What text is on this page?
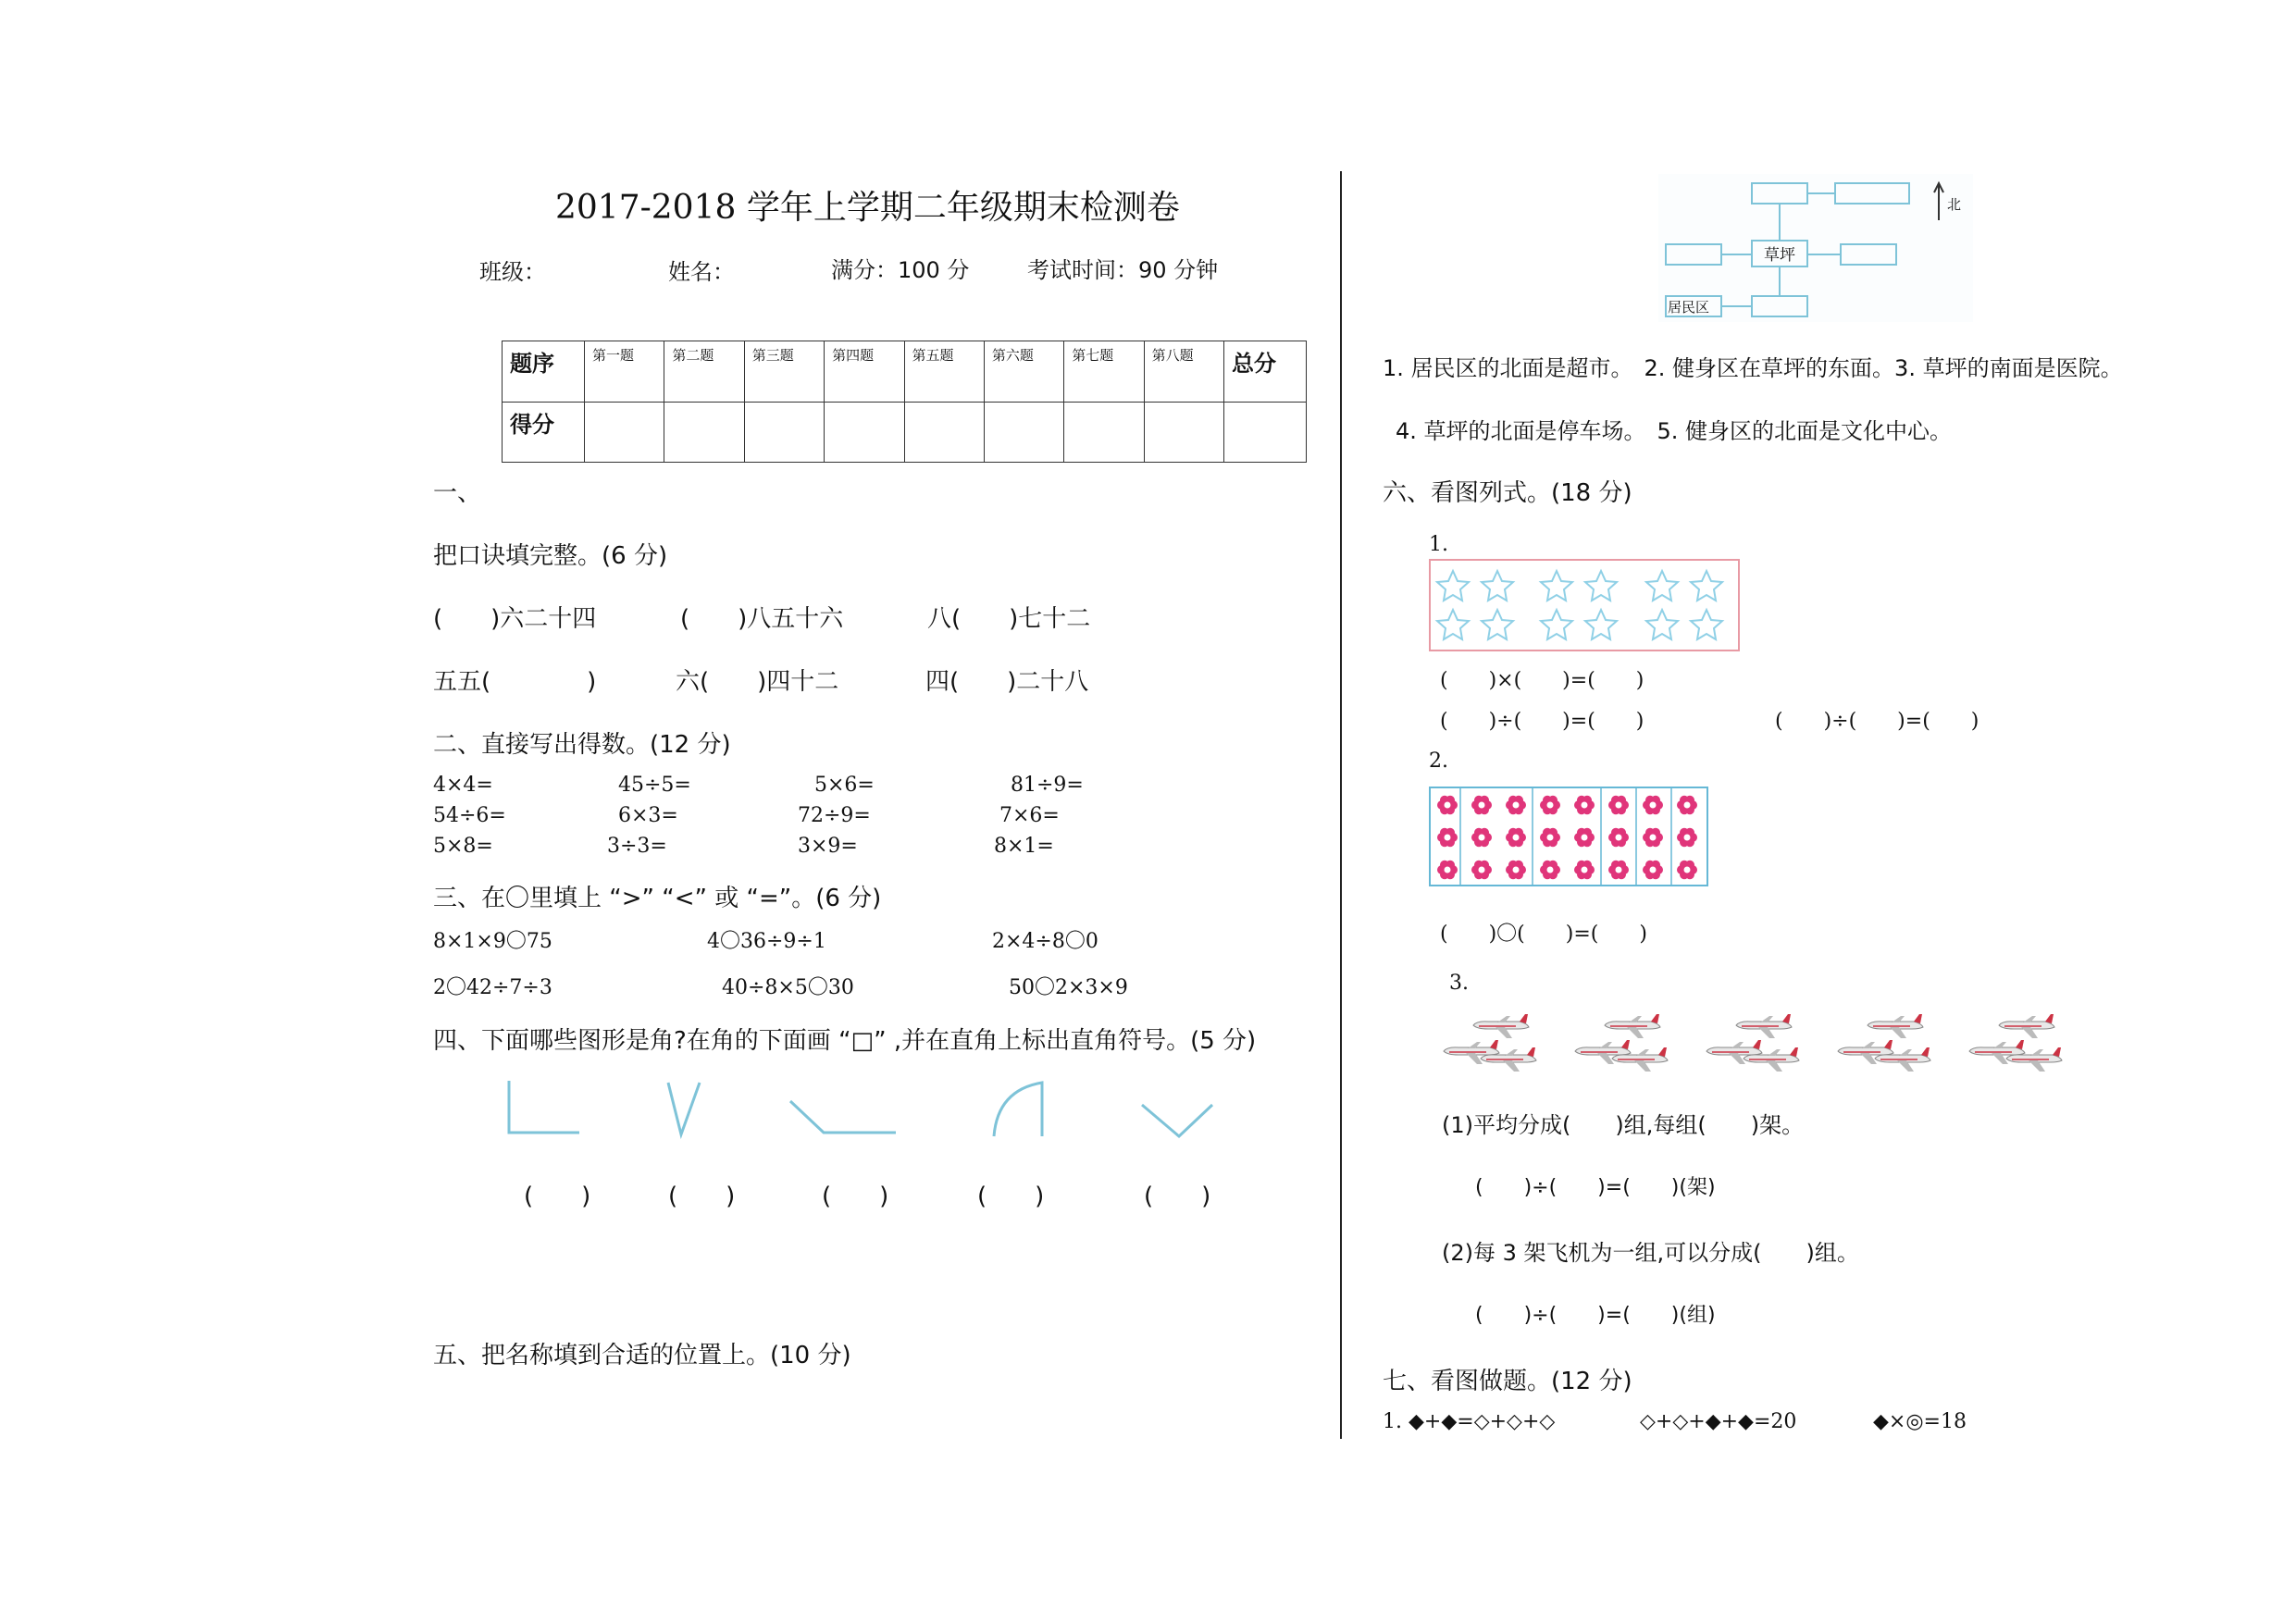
2017-2018 学年上学期二年级期末检测卷
班级：	姓名：	满分：100 分	考试时间：90 分钟
题序	第一题	第二题	第三题	第四题	第五题	第六题	第七题	第八题	总分
得分									
一、
把口诀填完整。(6 分)
(　　)六二十四	(　　)八五十六	八(　　)七十二
五五(　　　　)	六(　　)四十二	四(　　)二十八
二、直接写出得数。(12 分)
4×4=	45÷5=	5×6=	81÷9=
54÷6=	6×3=	72÷9=	7×6=
5×8=	3÷3=	3×9=	8×1=
三、在〇里填上 “>” “<” 或 “=”。(6 分)
8×1×9〇75	4〇36÷9÷1	2×4÷8〇0
2〇42÷7÷3	40÷8×5〇30	50〇2×3×9
四、下面哪些图形是角?在角的下面画 “□” ,并在直角上标出直角符号。(5 分)
(　　)	(　　)	(　　)	(　　)	(　　)
五、把名称填到合适的位置上。(10 分)
草坪
居民区
北
1. 居民区的北面是超市。　2. 健身区在草坪的东面。3. 草坪的南面是医院。
4. 草坪的北面是停车场。　5. 健身区的北面是文化中心。
六、看图列式。(18 分)
1.
(　　)×(　　)=(　　)
(　　)÷(　　)=(　　)	(　　)÷(　　)=(　　)
2.
(　　)〇(　　)=(　　)
3.
(1)平均分成(　　)组,每组(　　)架。
(　　)÷(　　)=(　　)(架)
(2)每 3 架飞机为一组,可以分成(　　)组。
(　　)÷(　　)=(　　)(组)
七、看图做题。(12 分)
1. ◆+◆=◇+◇+◇	◇+◇+◆+◆=20	◆×◎=18
